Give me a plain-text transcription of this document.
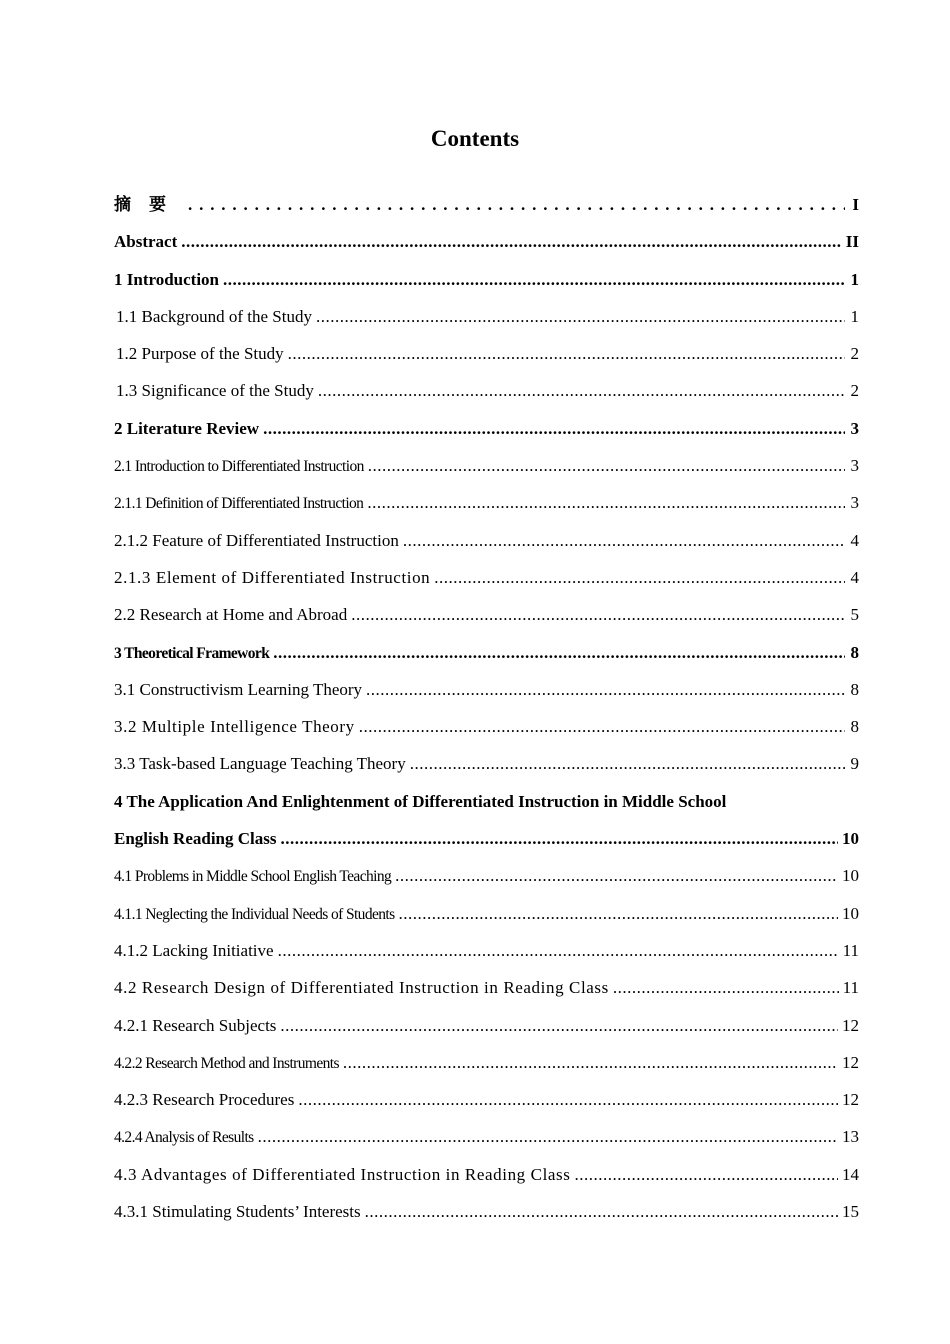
Contents
摘要 . . .	I
Abstract .....	II
1 Introduction .....	1
1.1 Background of the Study .....	1
1.2 Purpose of the Study .....	2
1.3 Significance of the Study .....	2
2 Literature Review .....	3
2.1 Introduction to Differentiated Instruction .....	3
2.1.1 Definition of Differentiated Instruction .....	3
2.1.2 Feature of Differentiated Instruction .....	4
2.1.3 Element of Differentiated Instruction .....	4
2.2 Research at Home and Abroad .....	5
3 Theoretical Framework .....	8
3.1 Constructivism Learning Theory .....	8
3.2 Multiple Intelligence Theory .....	8
3.3 Task-based Language Teaching Theory .....	9
4 The Application And Enlightenment of Differentiated Instruction in Middle School
English Reading Class .....	10
4.1 Problems in Middle School English Teaching .....	10
4.1.1 Neglecting the Individual Needs of Students .....	10
4.1.2 Lacking Initiative .....	11
4.2 Research Design of Differentiated Instruction in Reading Class .....	11
4.2.1 Research Subjects .....	12
4.2.2 Research Method and Instruments .....	12
4.2.3 Research Procedures .....	12
4.2.4 Analysis of Results .....	13
4.3 Advantages of Differentiated Instruction in Reading Class .....	14
4.3.1 Stimulating Students’ Interests .....	15
